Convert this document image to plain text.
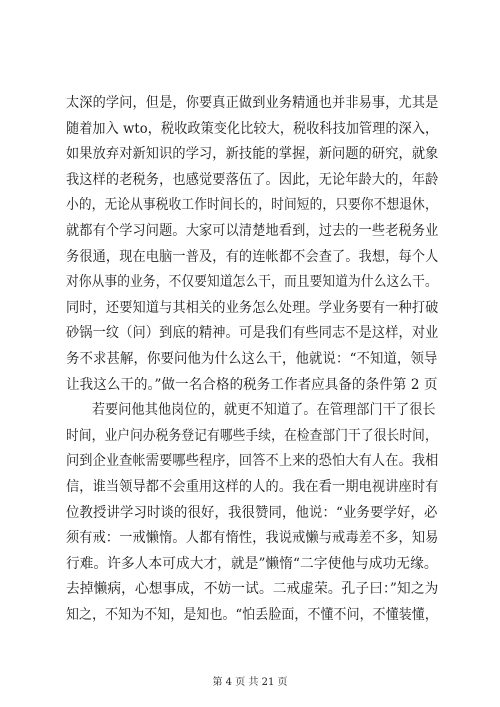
太深的学问，但是，你要真正做到业务精通也并非易事，尤其是
随着加入 wto，税收政策变化比较大，税收科技加管理的深入，
如果放弃对新知识的学习，新技能的掌握，新问题的研究，就象
我这样的老税务，也感觉要落伍了。因此，无论年龄大的，年龄
小的，无论从事税收工作时间长的，时间短的，只要你不想退休，
就都有个学习问题。大家可以清楚地看到，过去的一些老税务业
务很通，现在电脑一普及，有的连帐都不会查了。我想，每个人
对你从事的业务，不仅要知道怎么干，而且要知道为什么这么干。
同时，还要知道与其相关的业务怎么处理。学业务要有一种打破
砂锅一纹（问）到底的精神。可是我们有些同志不是这样，对业
务不求甚解，你要问他为什么这么干，他就说：“不知道，领导
让我这么干的。”做一名合格的税务工作者应具备的条件第 2 页
若要问他其他岗位的，就更不知道了。在管理部门干了很长
时间，业户问办税务登记有哪些手续，在检查部门干了很长时间，
问到企业查帐需要哪些程序，回答不上来的恐怕大有人在。我相
信，谁当领导都不会重用这样的人的。我在看一期电视讲座时有
位教授讲学习时谈的很好，我很赞同，他说：“业务要学好，必
须有戒：一戒懒惰。人都有惰性，我说戒懒与戒毒差不多，知易
行难。许多人本可成大才，就是”懒惰“二字使他与成功无缘。
去掉懒病，心想事成，不妨一试。二戒虚荣。孔子曰：”知之为
知之，不知为不知，是知也。“怕丢脸面，不懂不问，不懂装懂，
第 4 页 共 21 页
